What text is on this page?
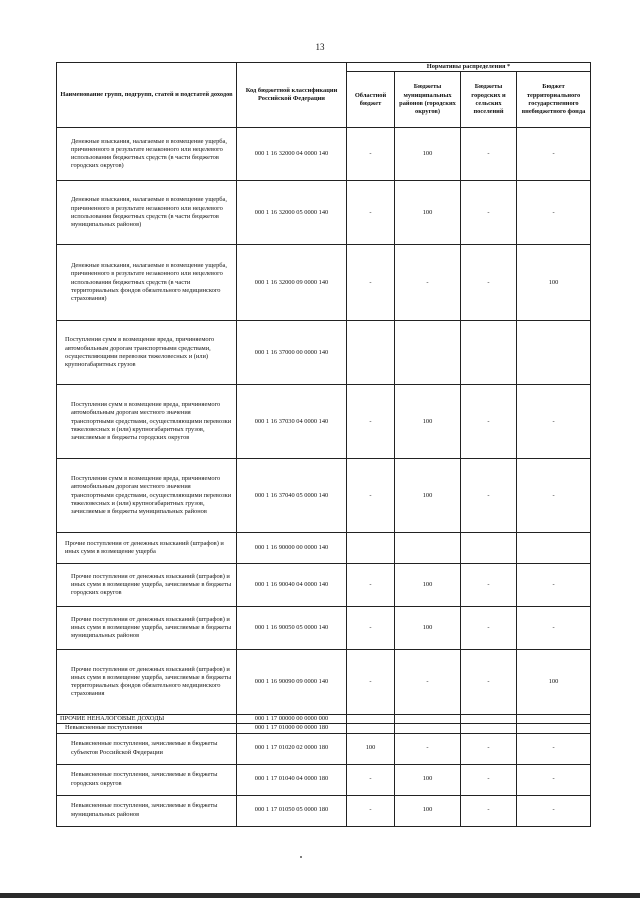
13
Наименование групп, подгрупп, статей и подстатей доходов	Код бюджетной классификации Российской Федерации	Нормативы распределения *			
		Областной бюджет	Бюджеты муниципальных районов (городских округов)	Бюджеты городских и сельских поселений	Бюджет территориального государственного внебюджетного фонда
Денежные взыскания, налагаемые в возмещение ущерба, причиненного в результате незаконного или нецелевого использования бюджетных средств (в части бюджетов городских округов)	000 1 16 32000 04 0000 140	-	100	-	-
Денежные взыскания, налагаемые в возмещение ущерба, причиненного в результате незаконного или нецелевого использования бюджетных средств (в части бюджетов муниципальных районов)	000 1 16 32000 05 0000 140	-	100	-	-
Денежные взыскания, налагаемые в возмещение ущерба, причиненного в результате незаконного или нецелевого использования бюджетных средств (в части территориальных фондов обязательного медицинского страхования)	000 1 16 32000 09 0000 140	-	-	-	100
Поступления сумм в возмещение вреда, причиняемого автомобильным дорогам транспортными средствами, осуществляющими перевозки тяжеловесных и (или) крупногабаритных грузов	000 1 16 37000 00 0000 140				
Поступления сумм в возмещение вреда, причиняемого автомобильным дорогам местного значения транспортными средствами, осуществляющими перевозки тяжеловесных и (или) крупногабаритных грузов, зачисляемые в бюджеты городских округов	000 1 16 37030 04 0000 140	-	100	-	-
Поступления сумм в возмещение вреда, причиняемого автомобильным дорогам местного значения транспортными средствами, осуществляющими перевозки тяжеловесных и (или) крупногабаритных грузов, зачисляемые в бюджеты муниципальных районов	000 1 16 37040 05 0000 140	-	100	-	-
Прочие поступления от денежных взысканий (штрафов) и иных сумм в возмещение ущерба	000 1 16 90000 00 0000 140				
Прочие поступления от денежных взысканий (штрафов) и иных сумм в возмещение ущерба, зачисляемые в бюджеты городских округов	000 1 16 90040 04 0000 140	-	100	-	-
Прочие поступления от денежных взысканий (штрафов) и иных сумм в возмещение ущерба, зачисляемые в бюджеты муниципальных районов	000 1 16 90050 05 0000 140	-	100	-	-
Прочие поступления от денежных взысканий (штрафов) и иных сумм в возмещение ущерба, зачисляемые в бюджеты территориальных фондов обязательного медицинского страхования	000 1 16 90090 09 0000 140	-	-	-	100
ПРОЧИЕ НЕНАЛОГОВЫЕ ДОХОДЫ	000 1 17 00000 00 0000 000				
Невыясненные поступления	000 1 17 01000 00 0000 180				
Невыясненные поступления, зачисляемые в бюджеты субъектов Российской Федерации	000 1 17 01020 02 0000 180	100	-	-	-
Невыясненные поступления, зачисляемые в бюджеты городских округов	000 1 17 01040 04 0000 180	-	100	-	-
Невыясненные поступления, зачисляемые в бюджеты муниципальных районов	000 1 17 01050 05 0000 180	-	100	-	-
